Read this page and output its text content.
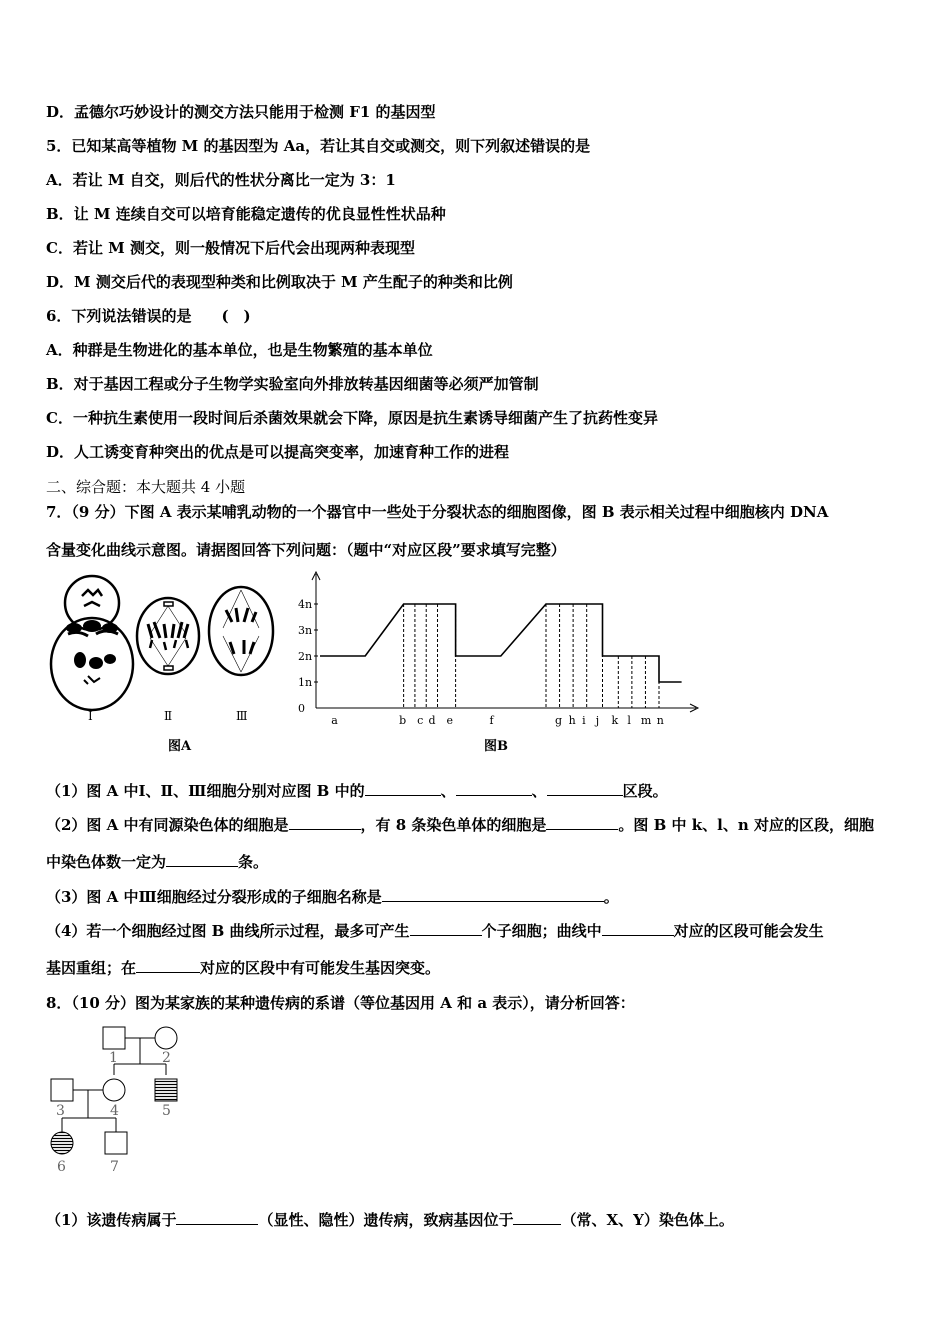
D．孟德尔巧妙设计的测交方法只能用于检测 F1 的基因型
5．已知某高等植物 M 的基因型为 Aa，若让其自交或测交，则下列叙述错误的是
A．若让 M 自交，则后代的性状分离比一定为 3：1
B．让 M 连续自交可以培育能稳定遗传的优良显性性状品种
C．若让 M 测交，则一般情况下后代会出现两种表现型
D．M 测交后代的表现型种类和比例取决于 M 产生配子的种类和比例
6．下列说法错误的是　　(　)
A．种群是生物进化的基本单位，也是生物繁殖的基本单位
B．对于基因工程或分子生物学实验室向外排放转基因细菌等必须严加管制
C．一种抗生素使用一段时间后杀菌效果就会下降，原因是抗生素诱导细菌产生了抗药性变异
D．人工诱变育种突出的优点是可以提高突变率，加速育种工作的进程
二、综合题：本大题共 4 小题
7．（9 分）下图 A 表示某哺乳动物的一个器官中一些处于分裂状态的细胞图像，图 B 表示相关过程中细胞核内 DNA
含量变化曲线示意图。请据图回答下列问题：（题中“对应区段”要求填写完整）
Ⅰ	Ⅱ	Ⅲ
图A
4n
3n
2n
1n
0
a	b c d e	f	g h i j k l m n
图B
（1）图 A 中Ⅰ、Ⅱ、Ⅲ细胞分别对应图 B 中的	、	、	区段。
（2）图 A 中有同源染色体的细胞是	，有 8 条染色单体的细胞是	。图 B 中 k、l、n 对应的区段，细胞
中染色体数一定为	条。
（3）图 A 中Ⅲ细胞经过分裂形成的子细胞名称是	。
（4）若一个细胞经过图 B 曲线所示过程，最多可产生	个子细胞；曲线中	对应的区段可能会发生
基因重组；在	对应的区段中有可能发生基因突变。
8．（10 分）图为某家族的某种遗传病的系谱（等位基因用 A 和 a 表示），请分析回答：
1	2
3	4	5
6	7
（1）该遗传病属于	（显性、隐性）遗传病，致病基因位于	（常、X、Y）染色体上。
